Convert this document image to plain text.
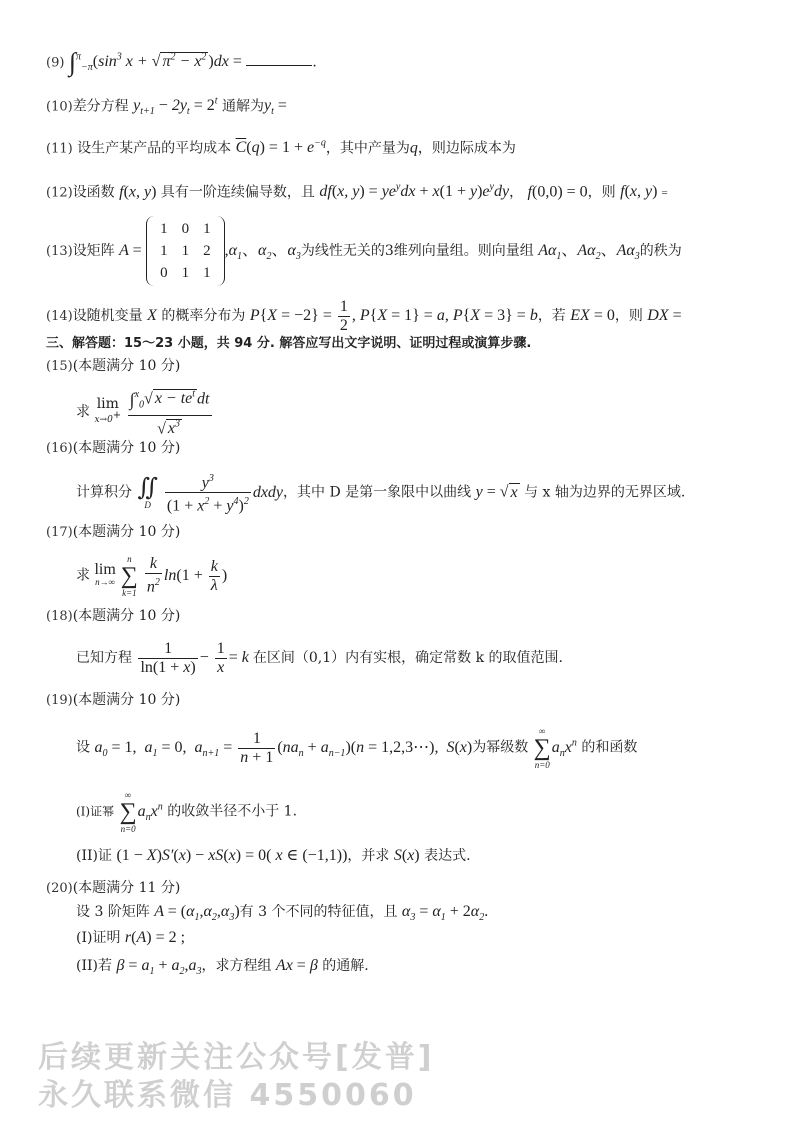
(9) $\int^\pi_{-\pi}(\sin^3$ x + √ $\pi^2 - x^2$ )dx =	.
(10)差分方程 $y_{t+1} - 2y_t = 2^t$ 通解为$y_t$ =
(11) 设生产某产品的平均成本 $\overline{C}(q) = 1 + e^{-q}$，其中产量为q，则边际成本为
(12)设函数 f(x, y) 具有一阶连续偏导数，且 df(x, $y) = ye^ydx + x(1 + y)e^ydy$， f(0,0) = 0，则 f(x, y) =
(13)设矩阵 A =
1	0	1
1	1	2
0	1	1
$,\alpha_1$、$\alpha_2$、$\alpha_3$为线性无关的3维列向量组。则向量组 $A\alpha_1$、$A\alpha_2$、$A\alpha_3$的秩为
(14)设随机变量 X 的概率分布为 $P\{X = -2\} = \frac{1}{2}$ , P{X = 1} = a, P{X = 3} = b，若 EX = 0，则 DX =
三、解答题：15～23 小题，共 94 分. 解答应写出文字说明、证明过程或演算步骤.
(15)(本题满分 10 分)
求 lim
x→0+
$\frac{\int^x_0√ x - te^t dt}{√ x^3}$
(16)(本题满分 10 分)
计算积分 ∬
D
$\frac{y^3}{(1 + x^2 + y^4)^2}$ dxdy，其中 D 是第一象限中以曲线 y = √ x 与 x 轴为边界的无界区域.
(17)(本题满分 10 分)
求 lim
n→∞

n
∑
k=1
$\frac{k}{n^2} \ln(1 + \frac{k}{\lambda}$ )
(18)(本题满分 10 分)
已知方程 $\frac{1}{\ln(1 + x)} - \frac{1}{x} = k$ 在区间（0,1）内有实根，确定常数 k 的取值范围.
(19)(本题满分 10 分)
设 $a_0 = 1$,  $a_1 = 0$,  $a_{n+1} = \frac{1}{n + 1} (na_n + a_{n-1})(n$ = 1,2,3⋯),  S(x)为幂级数
∞
∑
n=0
$a_nx^n$ 的和函数
(I)证幂
∞
∑
n=0
$a_nx^n$ 的收敛半径不小于 1.
(II)证 (1 − X)S′(x) − xS(x) = 0( x ∈ (−1,1))，并求 S(x) 表达式.
(20)(本题满分 11 分)
设 3 阶矩阵 $A = (\alpha_1,\alpha_2,\alpha_3)$有 3 个不同的特征值，且 $\alpha_3 = \alpha_1 + 2\alpha_2$.
(I)证明 r(A) = 2 ;
(II)若 $\beta = a_1 + a_2,a_3$，求方程组 Ax = β 的通解.
后续更新关注公众号[发普]
永久联系微信 4550060
